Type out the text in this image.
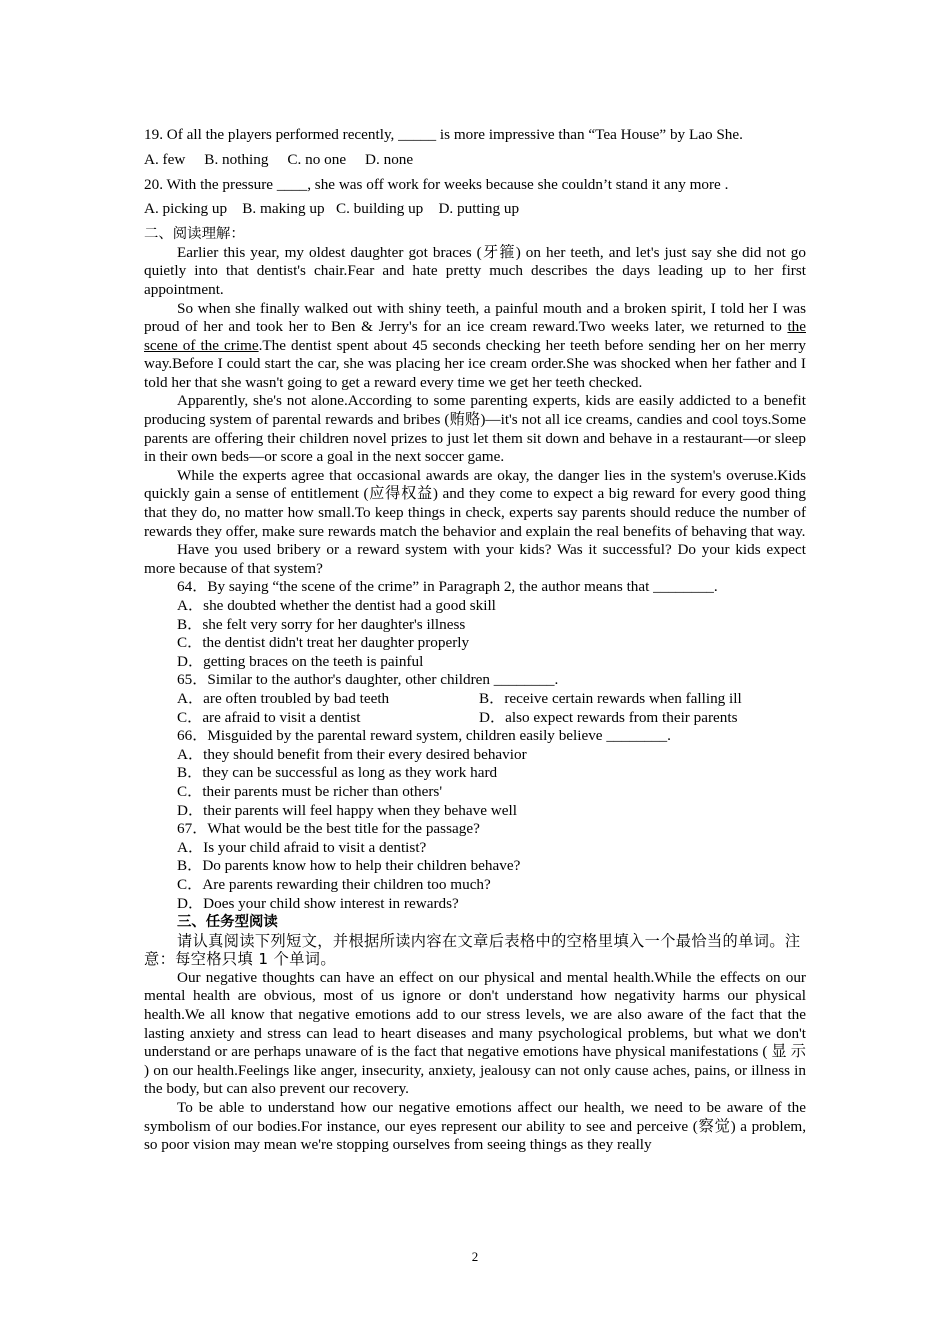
19. Of all the players performed recently, _____ is more impressive than “Tea House” by Lao She.

A. few     B. nothing     C. no one     D. none

20. With the pressure ____, she was off work for weeks because she couldn’t stand it any more .

A. picking up    B. making up   C. building up    D. putting up

二、阅读理解：

Earlier this year, my oldest daughter got braces (牙箍) on her teeth, and let's just say she did not go quietly into that dentist's chair.Fear and hate pretty much describes the days leading up to her first appointment.

So when she finally walked out with shiny teeth, a painful mouth and a broken spirit, I told her I was proud of her and took her to Ben & Jerry's for an ice cream reward.Two weeks later, we returned to the scene of the crime.The dentist spent about 45 seconds checking her teeth before sending her on her merry way.Before I could start the car, she was placing her ice cream order.She was shocked when her father and I told her that she wasn't going to get a reward every time we get her teeth checked.

Apparently, she's not alone.According to some parenting experts, kids are easily addicted to a benefit producing system of parental rewards and bribes (贿赂)—it's not all ice creams, candies and cool toys.Some parents are offering their children novel prizes to just let them sit down and behave in a restaurant—or sleep in their own beds—or score a goal in the next soccer game.

While the experts agree that occasional awards are okay, the danger lies in the system's overuse.Kids quickly gain a sense of entitlement (应得权益) and they come to expect a big reward for every good thing that they do, no matter how small.To keep things in check, experts say parents should reduce the number of rewards they offer, make sure rewards match the behavior and explain the real benefits of behaving that way.

Have you used bribery or a reward system with your kids? Was it successful? Do your kids expect more because of that system?

64．By saying “the scene of the crime” in Paragraph 2, the author means that ________.

A．she doubted whether the dentist had a good skill

B．she felt very sorry for her daughter's illness

C．the dentist didn't treat her daughter properly

D．getting braces on the teeth is painful

65．Similar to the author's daughter, other children ________.

A．are often troubled by bad teeth	B．receive certain rewards when falling ill
C．are afraid to visit a dentist	D．also expect rewards from their parents

66．Misguided by the parental reward system, children easily believe ________.

A．they should benefit from their every desired behavior

B．they can be successful as long as they work hard

C．their parents must be richer than others'

D．their parents will feel happy when they behave well

67．What would be the best title for the passage?

A．Is your child afraid to visit a dentist?

B．Do parents know how to help their children behave?

C．Are parents rewarding their children too much?

D．Does your child show interest in rewards?

三、任务型阅读

请认真阅读下列短文，并根据所读内容在文章后表格中的空格里填入一个最恰当的单词。注意：每空格只填 1 个单词。

Our negative thoughts can have an effect on our physical and mental health.While the effects on our mental health are obvious, most of us ignore or don't understand how negativity harms our physical health.We all know that negative emotions add to our stress levels, we are also aware of the fact that the lasting anxiety and stress can lead to heart diseases and many psychological problems, but what we don't understand or are perhaps unaware of is the fact that negative emotions have physical manifestations ( 显 示 ) on our health.Feelings like anger, insecurity, anxiety, jealousy can not only cause aches, pains, or illness in the body, but can also prevent our recovery.

To be able to understand how our negative emotions affect our health, we need to be aware of the symbolism of our bodies.For instance, our eyes represent our ability to see and perceive (察觉) a problem, so poor vision may mean we're stopping ourselves from seeing things as they really

2
